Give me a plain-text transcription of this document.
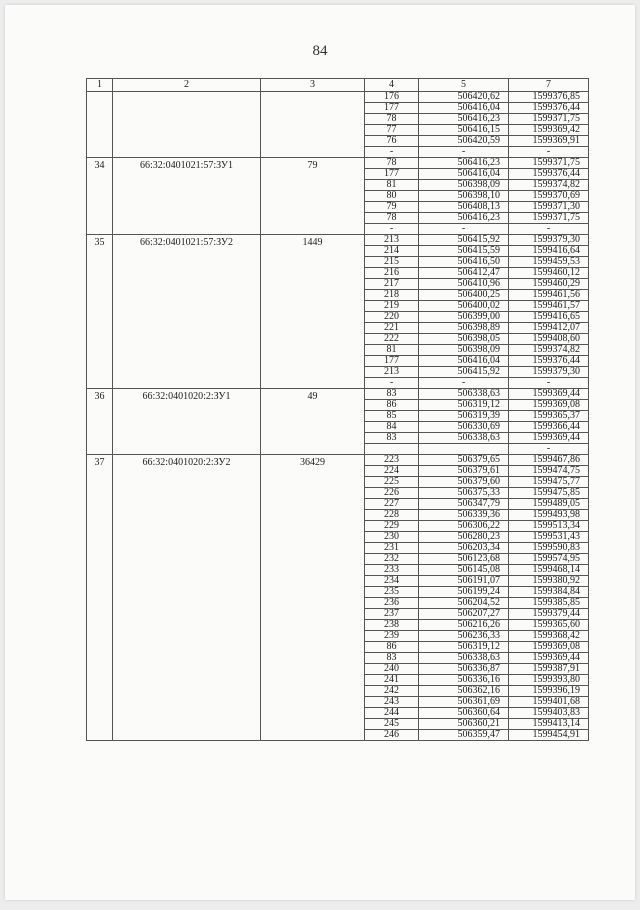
84
1	2	3	4	5	7
			176	506420,62	1599376,85
			177	506416,04	1599376,44
			78	506416,23	1599371,75
			77	506416,15	1599369,42
			76	506420,59	1599369,91
			-	-	-
34	66:32:0401021:57:ЗУ1	79	78	506416,23	1599371,75
			177	506416,04	1599376,44
			81	506398,09	1599374,82
			80	506398,10	1599370,69
			79	506408,13	1599371,30
			78	506416,23	1599371,75
			-	-	-
35	66:32:0401021:57:ЗУ2	1449	213	506415,92	1599379,30
			214	506415,59	1599416,64
			215	506416,50	1599459,53
			216	506412,47	1599460,12
			217	506410,96	1599460,29
			218	506400,25	1599461,56
			219	506400,02	1599461,57
			220	506399,00	1599416,65
			221	506398,89	1599412,07
			222	506398,05	1599408,60
			81	506398,09	1599374,82
			177	506416,04	1599376,44
			213	506415,92	1599379,30
			-	-	-
36	66:32:0401020:2:ЗУ1	49	83	506338,63	1599369,44
			86	506319,12	1599369,08
			85	506319,39	1599365,37
			84	506330,69	1599366,44
			83	506338,63	1599369,44
					-
37	66:32:0401020:2:ЗУ2	36429	223	506379,65	1599467,86
			224	506379,61	1599474,75
			225	506379,60	1599475,77
			226	506375,33	1599475,85
			227	506347,79	1599489,05
			228	506339,36	1599493,98
			229	506306,22	1599513,34
			230	506280,23	1599531,43
			231	506203,34	1599590,83
			232	506123,68	1599574,95
			233	506145,08	1599468,14
			234	506191,07	1599380,92
			235	506199,24	1599384,84
			236	506204,52	1599385,85
			237	506207,27	1599379,44
			238	506216,26	1599365,60
			239	506236,33	1599368,42
			86	506319,12	1599369,08
			83	506338,63	1599369,44
			240	506336,87	1599387,91
			241	506336,16	1599393,80
			242	506362,16	1599396,19
			243	506361,69	1599401,68
			244	506360,64	1599403,83
			245	506360,21	1599413,14
			246	506359,47	1599454,91
